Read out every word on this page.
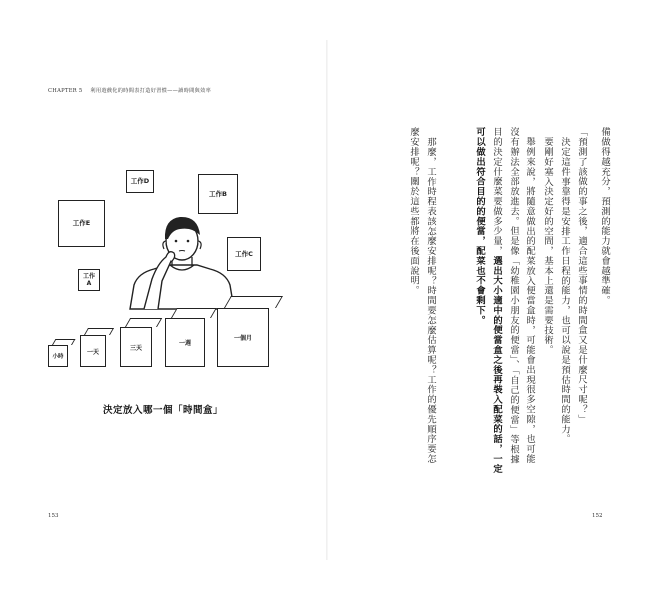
CHAPTER 5 利用遊戲化的時間表打造好習慣——讀時間與效率
工作D
工作B
工作E
工作C
工作A
小時
一天
三天
一週
一個月
決定放入哪一個「時間盒」
備做得越充分，預測的能力就會越準確。
「預測了該做的事之後，適合這些事情的時間盒又是什麼尺寸呢？」
決定這件事靠得是安排工作日程的能力，也可以說是預估時間的能力。
要剛好塞入決定好的空間，基本上還是需要技術。
舉例來說，將隨意做出的配菜放入便當盒時，可能會出現很多空隙，也可能
沒有辦法全部放進去。但是像「幼稚園小朋友的便當」、「自己的便當」等根據
目的決定什麼菜要做多少量，選出大小適中的便當盒之後再裝入配菜的話，一定
可以做出符合目的的便當，配菜也不會剩下。
那麼，工作時程表該怎麼安排呢？時間要怎麼估算呢？工作的優先順序要怎
麼安排呢？關於這些都將在後面說明。
153	152
